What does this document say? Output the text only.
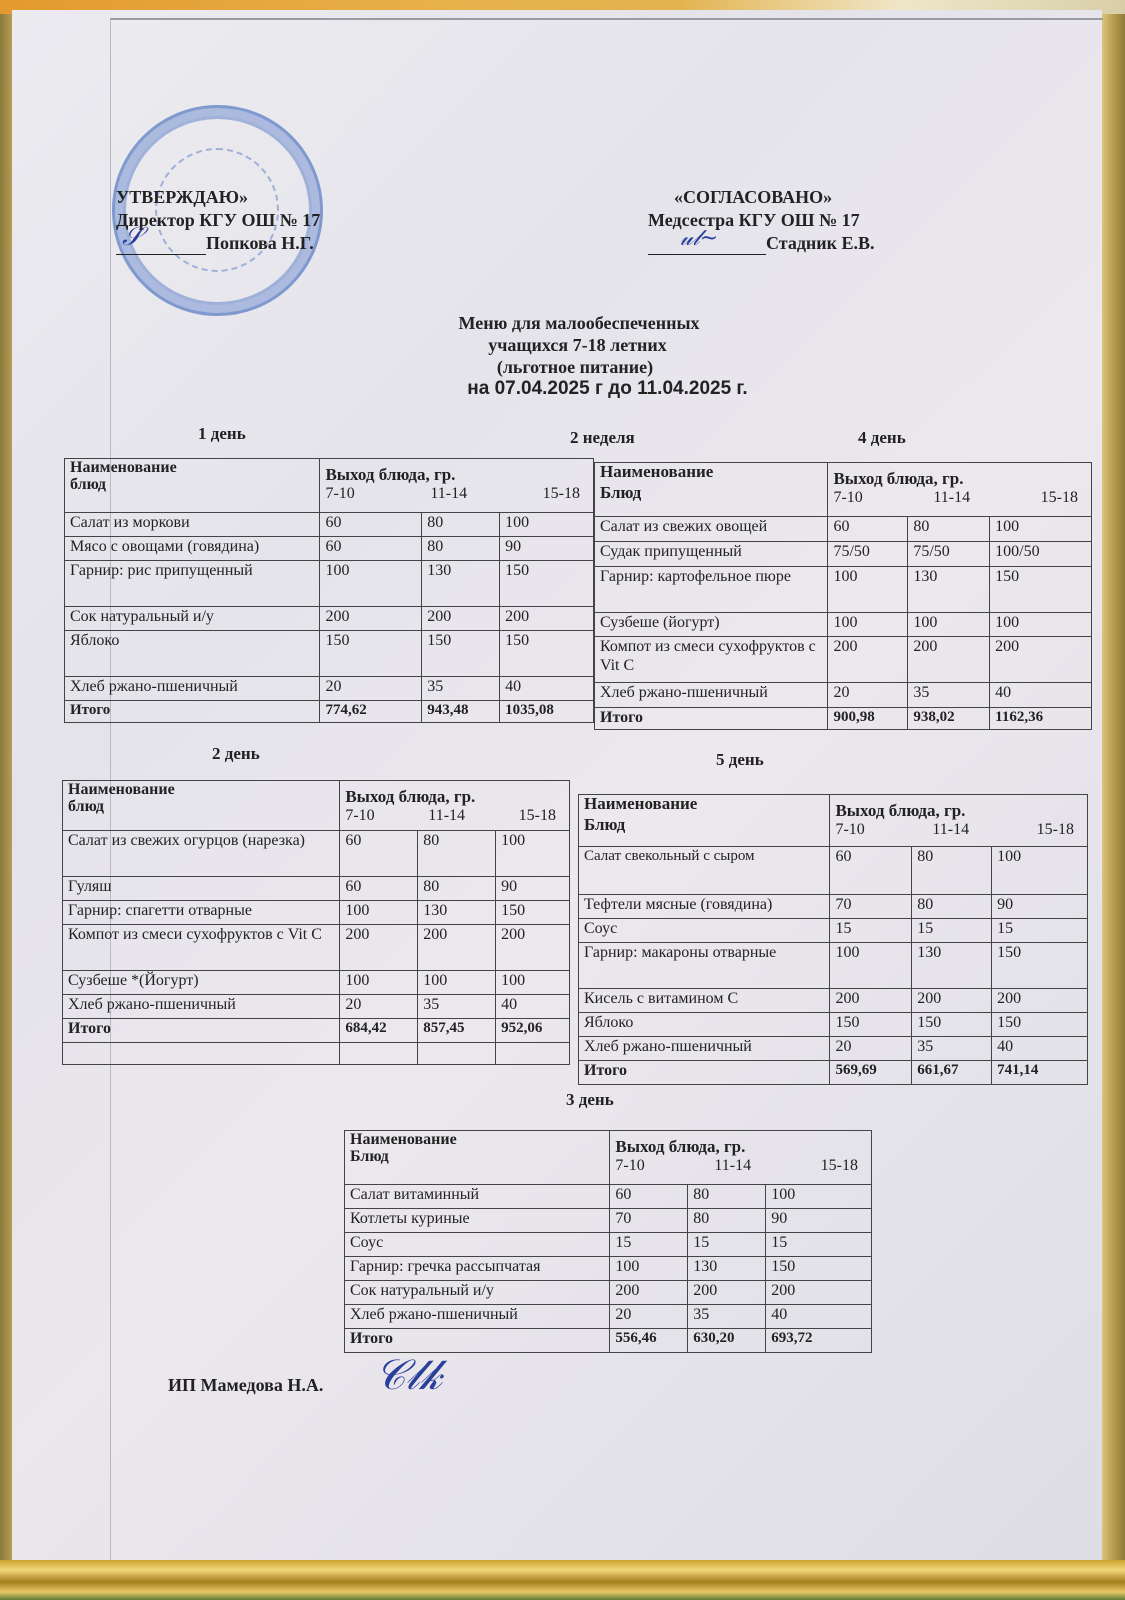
УТВЕРЖДАЮ»
Директор КГУ ОШ № 17
Попкова Н.Г.
𝒮
«СОГЛАСОВАНО»
Медсестра КГУ ОШ № 17
Стадник Е.В.
𝓊𝓁~
Меню для малообеспеченных
учащихся 7-18 летних
(льготное питание)
на 07.04.2025 г до 11.04.2025 г.
1 день	2 неделя	4 день
Наименование
блюд

Выход блюда, гр.
7-10	11-14	15-18

Салат из моркови	60	80	100
Мясо с овощами (говядина)	60	80	90
Гарнир: рис припущенный	100	130	150
Сок натуральный и/у	200	200	200
Яблоко	150	150	150
Хлеб ржано-пшеничный	20	35	40
Итого	774,62	943,48	1035,08
Наименование
Блюд

Выход блюда, гр.
7-10	11-14	15-18

Салат из свежих овощей	60	80	100
Судак припущенный	75/50	75/50	100/50
Гарнир: картофельное пюре	100	130	150
Сузбеше (йогурт)	100	100	100
Компот из смеси сухофруктов с Vit C	200	200	200
Хлеб ржано-пшеничный	20	35	40
Итого	900,98	938,02	1162,36
2 день	5 день
Наименование
блюд

Выход блюда, гр.
7-10	11-14	15-18

Салат из свежих огурцов (нарезка)	60	80	100
Гуляш	60	80	90
Гарнир: спагетти отварные	100	130	150
Компот из смеси сухофруктов с Vit C	200	200	200
Сузбеше *(Йогурт)	100	100	100
Хлеб ржано-пшеничный	20	35	40
Итого	684,42	857,45	952,06

Наименование
Блюд

Выход блюда, гр.
7-10	11-14	15-18

Салат свекольный с сыром	60	80	100
Тефтели мясные (говядина)	70	80	90
Соус	15	15	15
Гарнир: макароны отварные	100	130	150
Кисель с витамином С	200	200	200
Яблоко	150	150	150
Хлеб ржано-пшеничный	20	35	40
Итого	569,69	661,67	741,14
3 день
Наименование
Блюд

Выход блюда, гр.
7-10	11-14	15-18

Салат витаминный	60	80	100
Котлеты куриные	70	80	90
Соус	15	15	15
Гарнир: гречка рассыпчатая	100	130	150
Сок натуральный и/у	200	200	200
Хлеб ржано-пшеничный	20	35	40
Итого	556,46	630,20	693,72
ИП Мамедова Н.А. 𝒞𝓁𝓀
